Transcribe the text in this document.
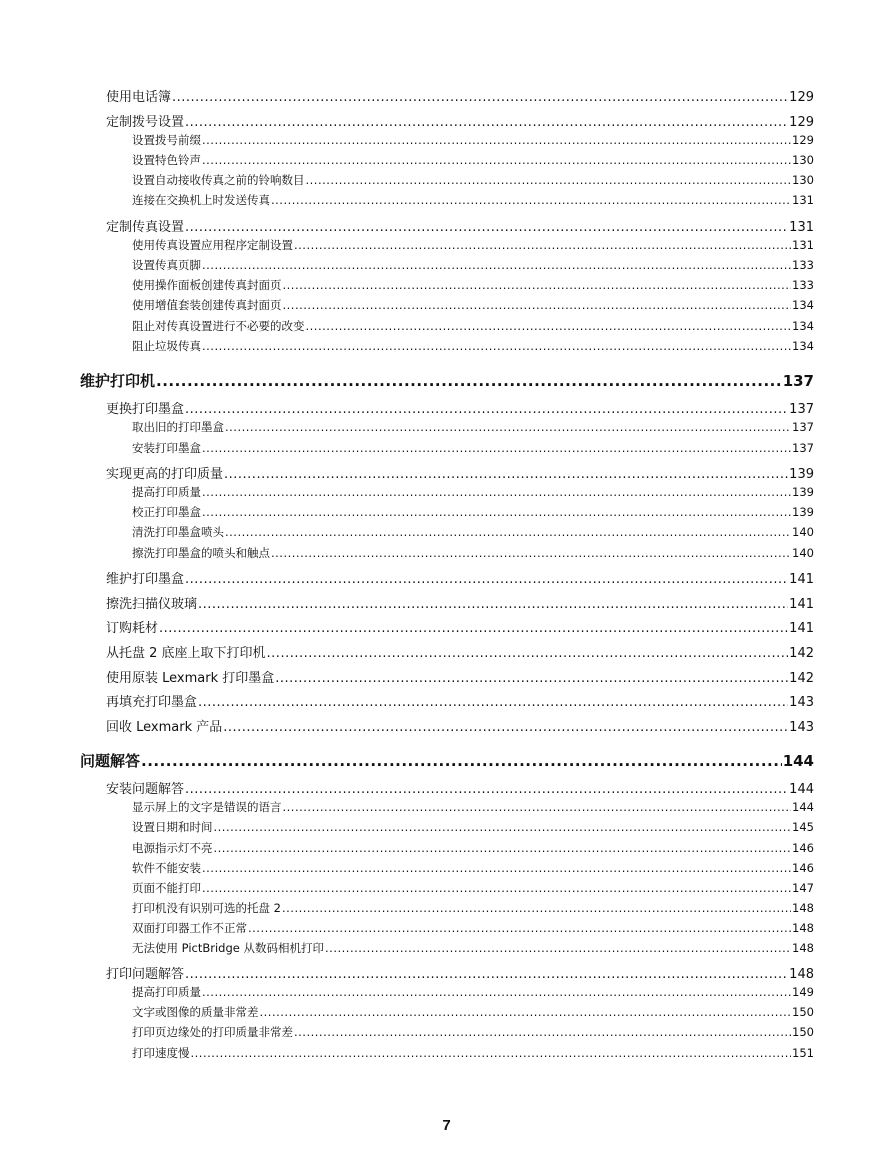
使用电话簿 .....	129
定制拨号设置 .....	129
设置拨号前缀 .....	129
设置特色铃声 .....	130
设置自动接收传真之前的铃响数目 .....	130
连接在交换机上时发送传真 .....	131
定制传真设置 .....	131
使用传真设置应用程序定制设置 .....	131
设置传真页脚 .....	133
使用操作面板创建传真封面页 .....	133
使用增值套装创建传真封面页 .....	134
阻止对传真设置进行不必要的改变 .....	134
阻止垃圾传真 .....	134
维护打印机 .....	137
更换打印墨盒 .....	137
取出旧的打印墨盒 .....	137
安装打印墨盒 .....	137
实现更高的打印质量 .....	139
提高打印质量 .....	139
校正打印墨盒 .....	139
清洗打印墨盒喷头 .....	140
擦洗打印墨盒的喷头和触点 .....	140
维护打印墨盒 .....	141
擦洗扫描仪玻璃 .....	141
订购耗材 .....	141
从托盘 2 底座上取下打印机 .....	142
使用原装 Lexmark 打印墨盒 .....	142
再填充打印墨盒 .....	143
回收 Lexmark 产品 .....	143
问题解答 .....	144
安装问题解答 .....	144
显示屏上的文字是错误的语言 .....	144
设置日期和时间 .....	145
电源指示灯不亮 .....	146
软件不能安装 .....	146
页面不能打印 .....	147
打印机没有识别可选的托盘 2 .....	148
双面打印器工作不正常 .....	148
无法使用 PictBridge 从数码相机打印 .....	148
打印问题解答 .....	148
提高打印质量 .....	149
文字或图像的质量非常差 .....	150
打印页边缘处的打印质量非常差 .....	150
打印速度慢 .....	151
7
